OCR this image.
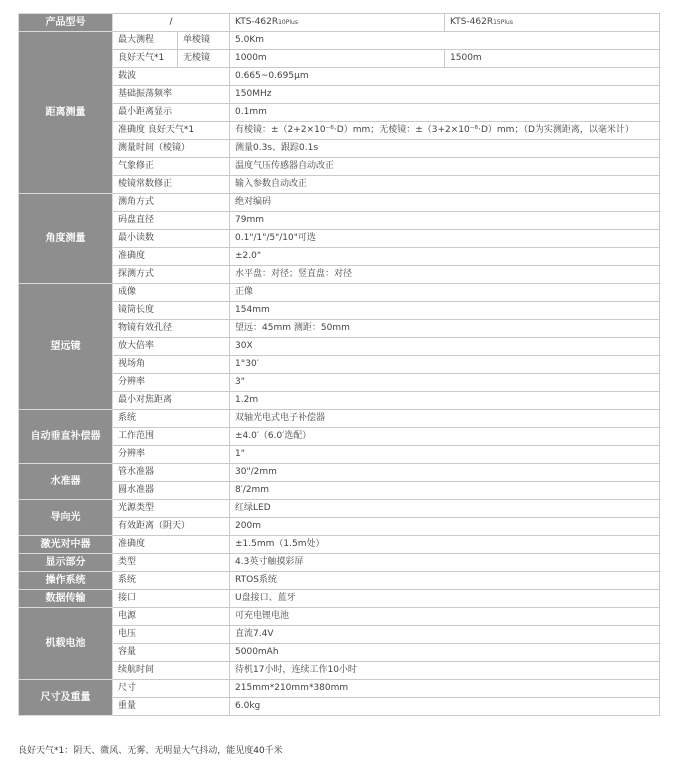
产品型号	/		KTS-462R10Plus	KTS-462R15Plus
距离测量	最大测程	单棱镜	5.0Km	
	良好天气*1	无棱镜	1000m	1500m
	载波		0.665~0.695μm	
	基础振荡频率		150MHz	
	最小距离显示		0.1mm	
	准确度 良好天气*1		有棱镜：±（2+2×10⁻⁶·D）mm；无棱镜：±（3+2×10⁻⁶·D）mm；（D为实测距离，以毫米计）	
	测量时间（棱镜）		测量0.3s、跟踪0.1s	
	气象修正		温度气压传感器自动改正	
	棱镜常数修正		输入参数自动改正	
角度测量	测角方式		绝对编码	
	码盘直径		79mm	
	最小读数		0.1"/1"/5"/10"可选	
	准确度		±2.0"	
	探测方式		水平盘：对径；竖直盘：对径	
望远镜	成像		正像	
	镜筒长度		154mm	
	物镜有效孔径		望远：45mm 测距：50mm	
	放大倍率		30X	
	视场角		1°30′	
	分辨率		3"	
	最小对焦距离		1.2m	
自动垂直补偿器	系统		双轴光电式电子补偿器	
	工作范围		±4.0′（6.0′选配）	
	分辨率		1"	
水准器	管水准器		30"/2mm	
	圆水准器		8′/2mm	
导向光	光源类型		红绿LED	
	有效距离（阴天）		200m	
激光对中器	准确度		±1.5mm（1.5m处）	
显示部分	类型		4.3英寸触摸彩屏	
操作系统	系统		RTOS系统	
数据传输	接口		U盘接口、蓝牙	
机载电池	电源		可充电锂电池	
	电压		直流7.4V	
	容量		5000mAh	
	续航时间		待机17小时，连续工作10小时	
尺寸及重量	尺寸		215mm*210mm*380mm	
	重量		6.0kg	
良好天气*1：阴天、微风、无雾、无明显大气抖动，能见度40千米
